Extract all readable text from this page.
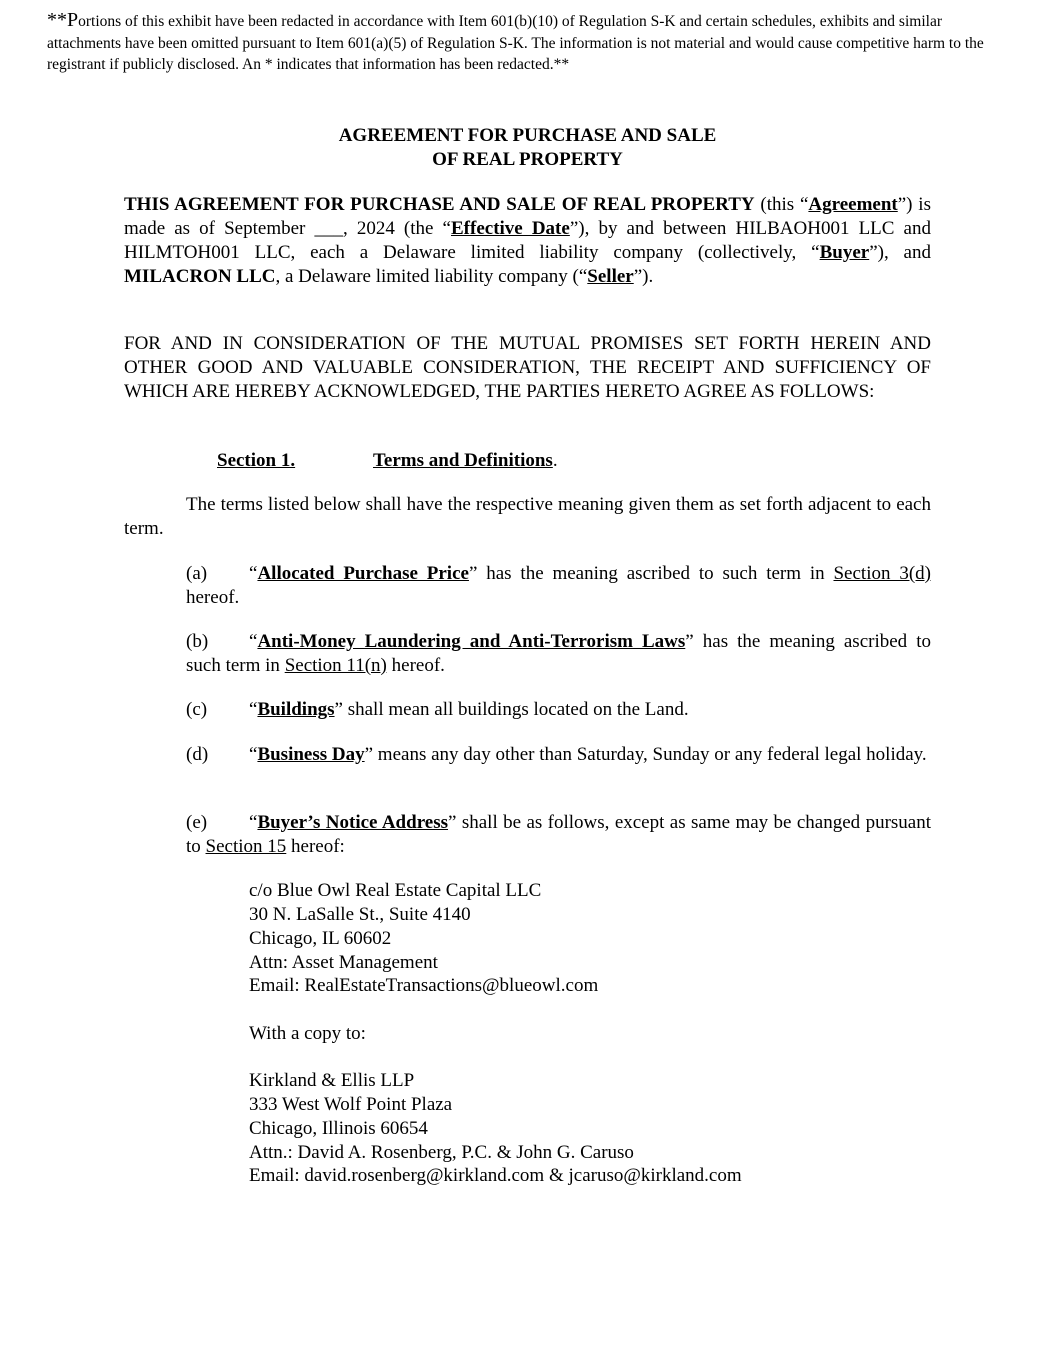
**Portions of this exhibit have been redacted in accordance with Item 601(b)(10) of Regulation S-K and certain schedules, exhibits and similar attachments have been omitted pursuant to Item 601(a)(5) of Regulation S-K. The information is not material and would cause competitive harm to the registrant if publicly disclosed. An * indicates that information has been redacted.**
AGREEMENT FOR PURCHASE AND SALE
OF REAL PROPERTY
THIS AGREEMENT FOR PURCHASE AND SALE OF REAL PROPERTY (this “Agreement”) is made as of September ___, 2024 (the “Effective Date”), by and between HILBAOH001 LLC and HILMTOH001 LLC, each a Delaware limited liability company (collectively, “Buyer”), and MILACRON LLC, a Delaware limited liability company (“Seller”).
FOR AND IN CONSIDERATION OF THE MUTUAL PROMISES SET FORTH HEREIN AND OTHER GOOD AND VALUABLE CONSIDERATION, THE RECEIPT AND SUFFICIENCY OF WHICH ARE HEREBY ACKNOWLEDGED, THE PARTIES HERETO AGREE AS FOLLOWS:
Section 1.	Terms and Definitions.
The terms listed below shall have the respective meaning given them as set forth adjacent to each term.
(a) “Allocated Purchase Price” has the meaning ascribed to such term in Section 3(d) hereof.
(b) “Anti-Money Laundering and Anti-Terrorism Laws” has the meaning ascribed to such term in Section 11(n) hereof.
(c) “Buildings” shall mean all buildings located on the Land.
(d) “Business Day” means any day other than Saturday, Sunday or any federal legal holiday.
(e) “Buyer’s Notice Address” shall be as follows, except as same may be changed pursuant to Section 15 hereof:
c/o Blue Owl Real Estate Capital LLC
30 N. LaSalle St., Suite 4140
Chicago, IL 60602
Attn: Asset Management
Email: RealEstateTransactions@blueowl.com
With a copy to:
Kirkland & Ellis LLP
333 West Wolf Point Plaza
Chicago, Illinois 60654
Attn.: David A. Rosenberg, P.C. & John G. Caruso
Email: david.rosenberg@kirkland.com & jcaruso@kirkland.com
